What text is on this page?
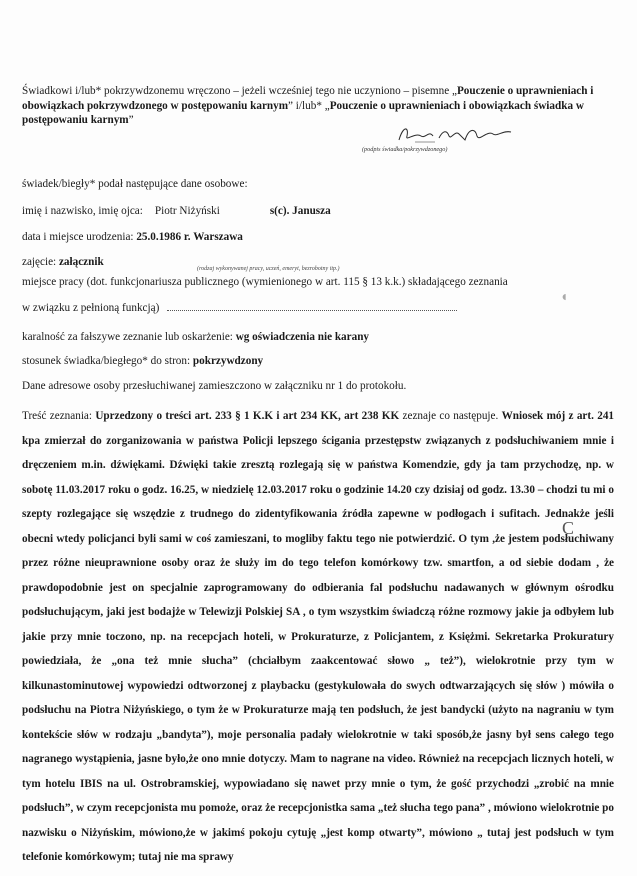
Świadkowi i/lub* pokrzywdzonemu wręczono – jeżeli wcześniej tego nie uczyniono – pisemne „Pouczenie o uprawnieniach i obowiązkach pokrzywdzonego w postępowaniu karnym” i/lub* „Pouczenie o uprawnieniach i obowiązkach świadka w postępowaniu karnym”
(podpis świadka/pokrzywdzonego)
świadek/biegły* podał następujące dane osobowe:
imię i nazwisko, imię ojca: Piotr Niżyński	s(c). Janusza
data i miejsce urodzenia: 25.0.1986 r. Warszawa
zajęcie: załącznik
(rodzaj wykonywanej pracy, uczeń, emeryt, bezrobotny itp.)
miejsce pracy (dot. funkcjonariusza publicznego (wymienionego w art. 115 § 13 k.k.) składającego zeznania
w związku z pełnioną funkcją)
karalność za fałszywe zeznanie lub oskarżenie: wg oświadczenia nie karany
stosunek świadka/biegłego* do stron: pokrzywdzony
Dane adresowe osoby przesłuchiwanej zamieszczono w załączniku nr 1 do protokołu.
Treść zeznania: Uprzedzony o treści art. 233 § 1 K.K i art 234 KK, art 238 KK zeznaje co następuje. Wniosek mój z art. 241 kpa zmierzał do zorganizowania w państwa Policji lepszego ścigania przestępstw związanych z podsłuchiwaniem mnie i dręczeniem m.in. dźwiękami. Dźwięki takie zresztą rozlegają się w państwa Komendzie, gdy ja tam przychodzę, np. w sobotę 11.03.2017 roku o godz. 16.25, w niedzielę 12.03.2017 roku o godzinie 14.20 czy dzisiaj od godz. 13.30 – chodzi tu mi o szepty rozlegające się wszędzie z trudnego do zidentyfikowania źródła zapewne w podłogach i sufitach. Jednakże jeśli obecni wtedy policjanci byli sami w coś zamieszani, to mogliby faktu tego nie potwierdzić. O tym ,że jestem podsłuchiwany przez różne nieuprawnione osoby oraz że służy im do tego telefon komórkowy tzw. smartfon, a od siebie dodam , że prawdopodobnie jest on specjalnie zaprogramowany do odbierania fal podsłuchu nadawanych w głównym ośrodku podsłuchującym, jaki jest bodajże w Telewizji Polskiej SA , o tym wszystkim świadczą różne rozmowy jakie ja odbyłem lub jakie przy mnie toczono, np. na recepcjach hoteli, w Prokuraturze, z Policjantem, z Księżmi. Sekretarka Prokuratury powiedziała, że „ona też mnie słucha” (chciałbym zaakcentować słowo „ też”), wielokrotnie przy tym w kilkunastominutowej wypowiedzi odtworzonej z playbacku (gestykulowała do swych odtwarzających się słów ) mówiła o podsłuchu na Piotra Niżyńskiego, o tym że w Prokuraturze mają ten podsłuch, że jest bandycki (użyto na nagraniu w tym kontekście słów w rodzaju „bandyta”), moje personalia padały wielokrotnie w taki sposób,że jasny był sens całego tego nagranego wystąpienia, jasne było,że ono mnie dotyczy. Mam to nagrane na video. Również na recepcjach licznych hoteli, w tym hotelu IBIS na ul. Ostrobramskiej, wypowiadano się nawet przy mnie o tym, że gość przychodzi „zrobić na mnie podsłuch”, w czym recepcjonista mu pomoże, oraz że recepcjonistka sama „też słucha tego pana” , mówiono wielokrotnie po nazwisku o Niżyńskim, mówiono,że w jakimś pokoju cytuję „jest komp otwarty”, mówiono „ tutaj jest podsłuch w tym telefonie komórkowym; tutaj nie ma sprawy
C
◖
